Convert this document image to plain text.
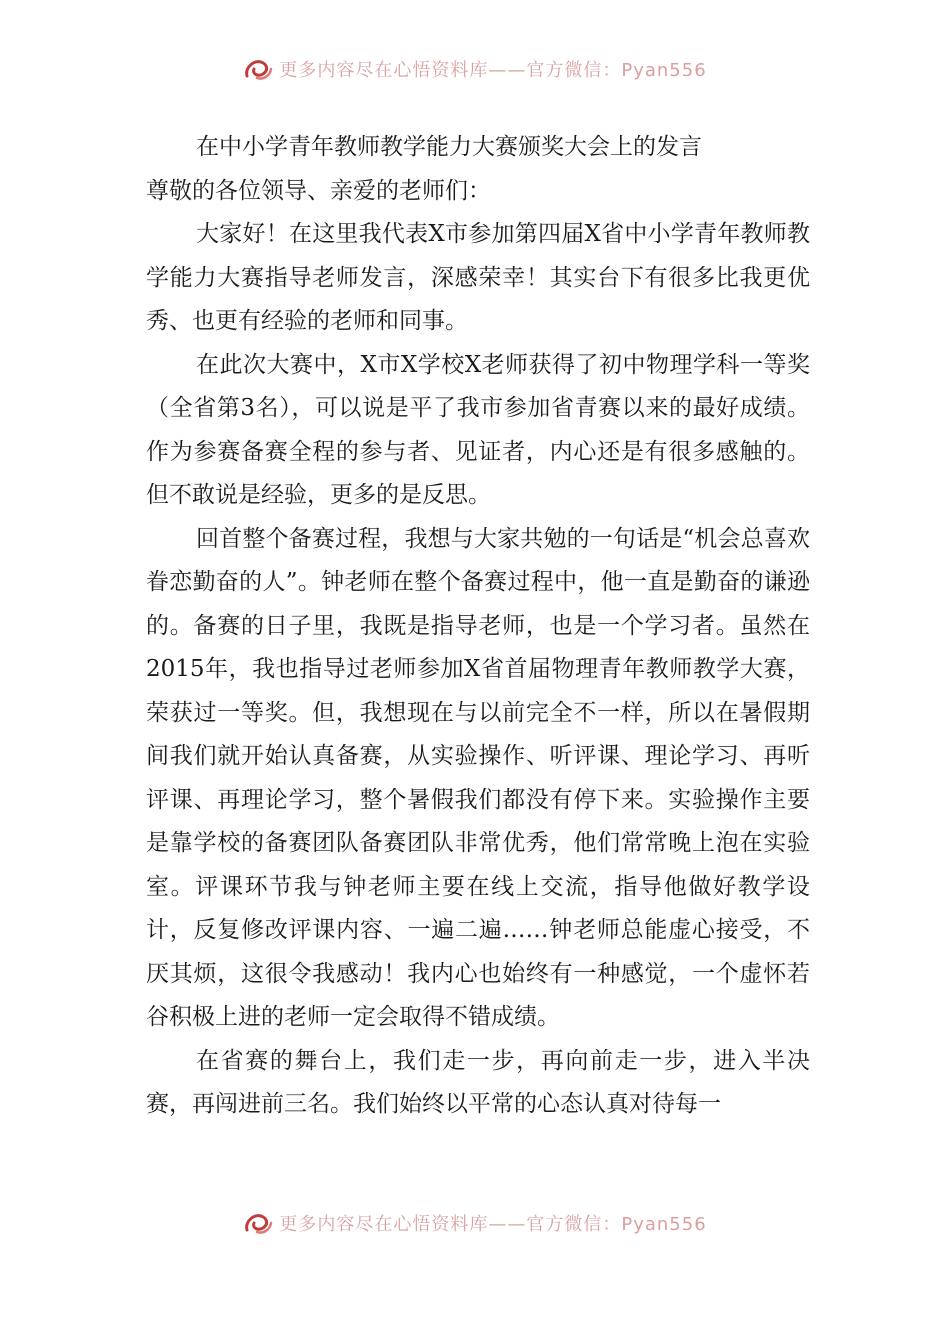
更多内容尽在心悟资料库——官方微信：Pyan556

在中小学青年教师教学能力大赛颁奖大会上的发言

尊敬的各位领导、亲爱的老师们：

大家好！在这里我代表X市参加第四届X省中小学青年教师教学能力大赛指导老师发言，深感荣幸！其实台下有很多比我更优秀、也更有经验的老师和同事。

在此次大赛中，X市X学校X老师获得了初中物理学科一等奖（全省第3名），可以说是平了我市参加省青赛以来的最好成绩。作为参赛备赛全程的参与者、见证者，内心还是有很多感触的。但不敢说是经验，更多的是反思。

回首整个备赛过程，我想与大家共勉的一句话是“机会总喜欢眷恋勤奋的人”。钟老师在整个备赛过程中，他一直是勤奋的谦逊的。备赛的日子里，我既是指导老师，也是一个学习者。虽然在2015年，我也指导过老师参加X省首届物理青年教师教学大赛，荣获过一等奖。但，我想现在与以前完全不一样，所以在暑假期间我们就开始认真备赛，从实验操作、听评课、理论学习、再听评课、再理论学习，整个暑假我们都没有停下来。实验操作主要是靠学校的备赛团队备赛团队非常优秀，他们常常晚上泡在实验室。评课环节我与钟老师主要在线上交流，指导他做好教学设计，反复修改评课内容、一遍二遍……钟老师总能虚心接受，不厌其烦，这很令我感动！我内心也始终有一种感觉，一个虚怀若谷积极上进的老师一定会取得不错成绩。

在省赛的舞台上，我们走一步，再向前走一步，进入半决赛，再闯进前三名。我们始终以平常的心态认真对待每一

更多内容尽在心悟资料库——官方微信：Pyan556
